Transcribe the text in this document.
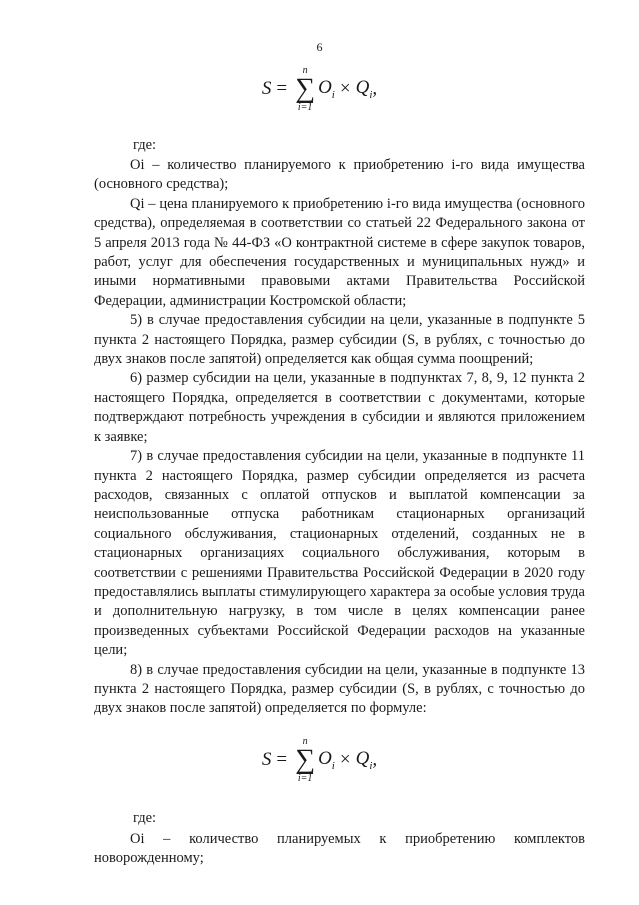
6
S =
n
∑
i=1
$O_i \times Q_i$ ,
где:

Oi – количество планируемого к приобретению i-го вида имущества (основного средства);

Qi – цена планируемого к приобретению i-го вида имущества (основного средства), определяемая в соответствии со статьей 22 Федерального закона от 5 апреля 2013 года № 44-ФЗ «О контрактной системе в сфере закупок товаров, работ, услуг для обеспечения государственных и муниципальных нужд» и иными нормативными правовыми актами Правительства Российской Федерации, администрации Костромской области;

5) в случае предоставления субсидии на цели, указанные в подпункте 5 пункта 2 настоящего Порядка, размер субсидии (S, в рублях, с точностью до двух знаков после запятой) определяется как общая сумма поощрений;

6) размер субсидии на цели, указанные в подпунктах 7, 8, 9, 12 пункта 2 настоящего Порядка, определяется в соответствии с документами, которые подтверждают потребность учреждения в субсидии и являются приложением к заявке;

7) в случае предоставления субсидии на цели, указанные в подпункте 11 пункта 2 настоящего Порядка, размер субсидии определяется из расчета расходов, связанных с оплатой отпусков и выплатой компенсации за неиспользованные отпуска работникам стационарных организаций социального обслуживания, стационарных отделений, созданных не в стационарных организациях социального обслуживания, которым в соответствии с решениями Правительства Российской Федерации в 2020 году предоставлялись выплаты стимулирующего характера за особые условия труда и дополнительную нагрузку, в том числе в целях компенсации ранее произведенных субъектами Российской Федерации расходов на указанные цели;

8) в случае предоставления субсидии на цели, указанные в подпункте 13 пункта 2 настоящего Порядка, размер субсидии (S, в рублях, с точностью до двух знаков после запятой) определяется по формуле:

S =
n
∑
i=1
$O_i \times Q_i$ ,
где:

Oi – количество планируемых к приобретению комплектов новорожденному;
